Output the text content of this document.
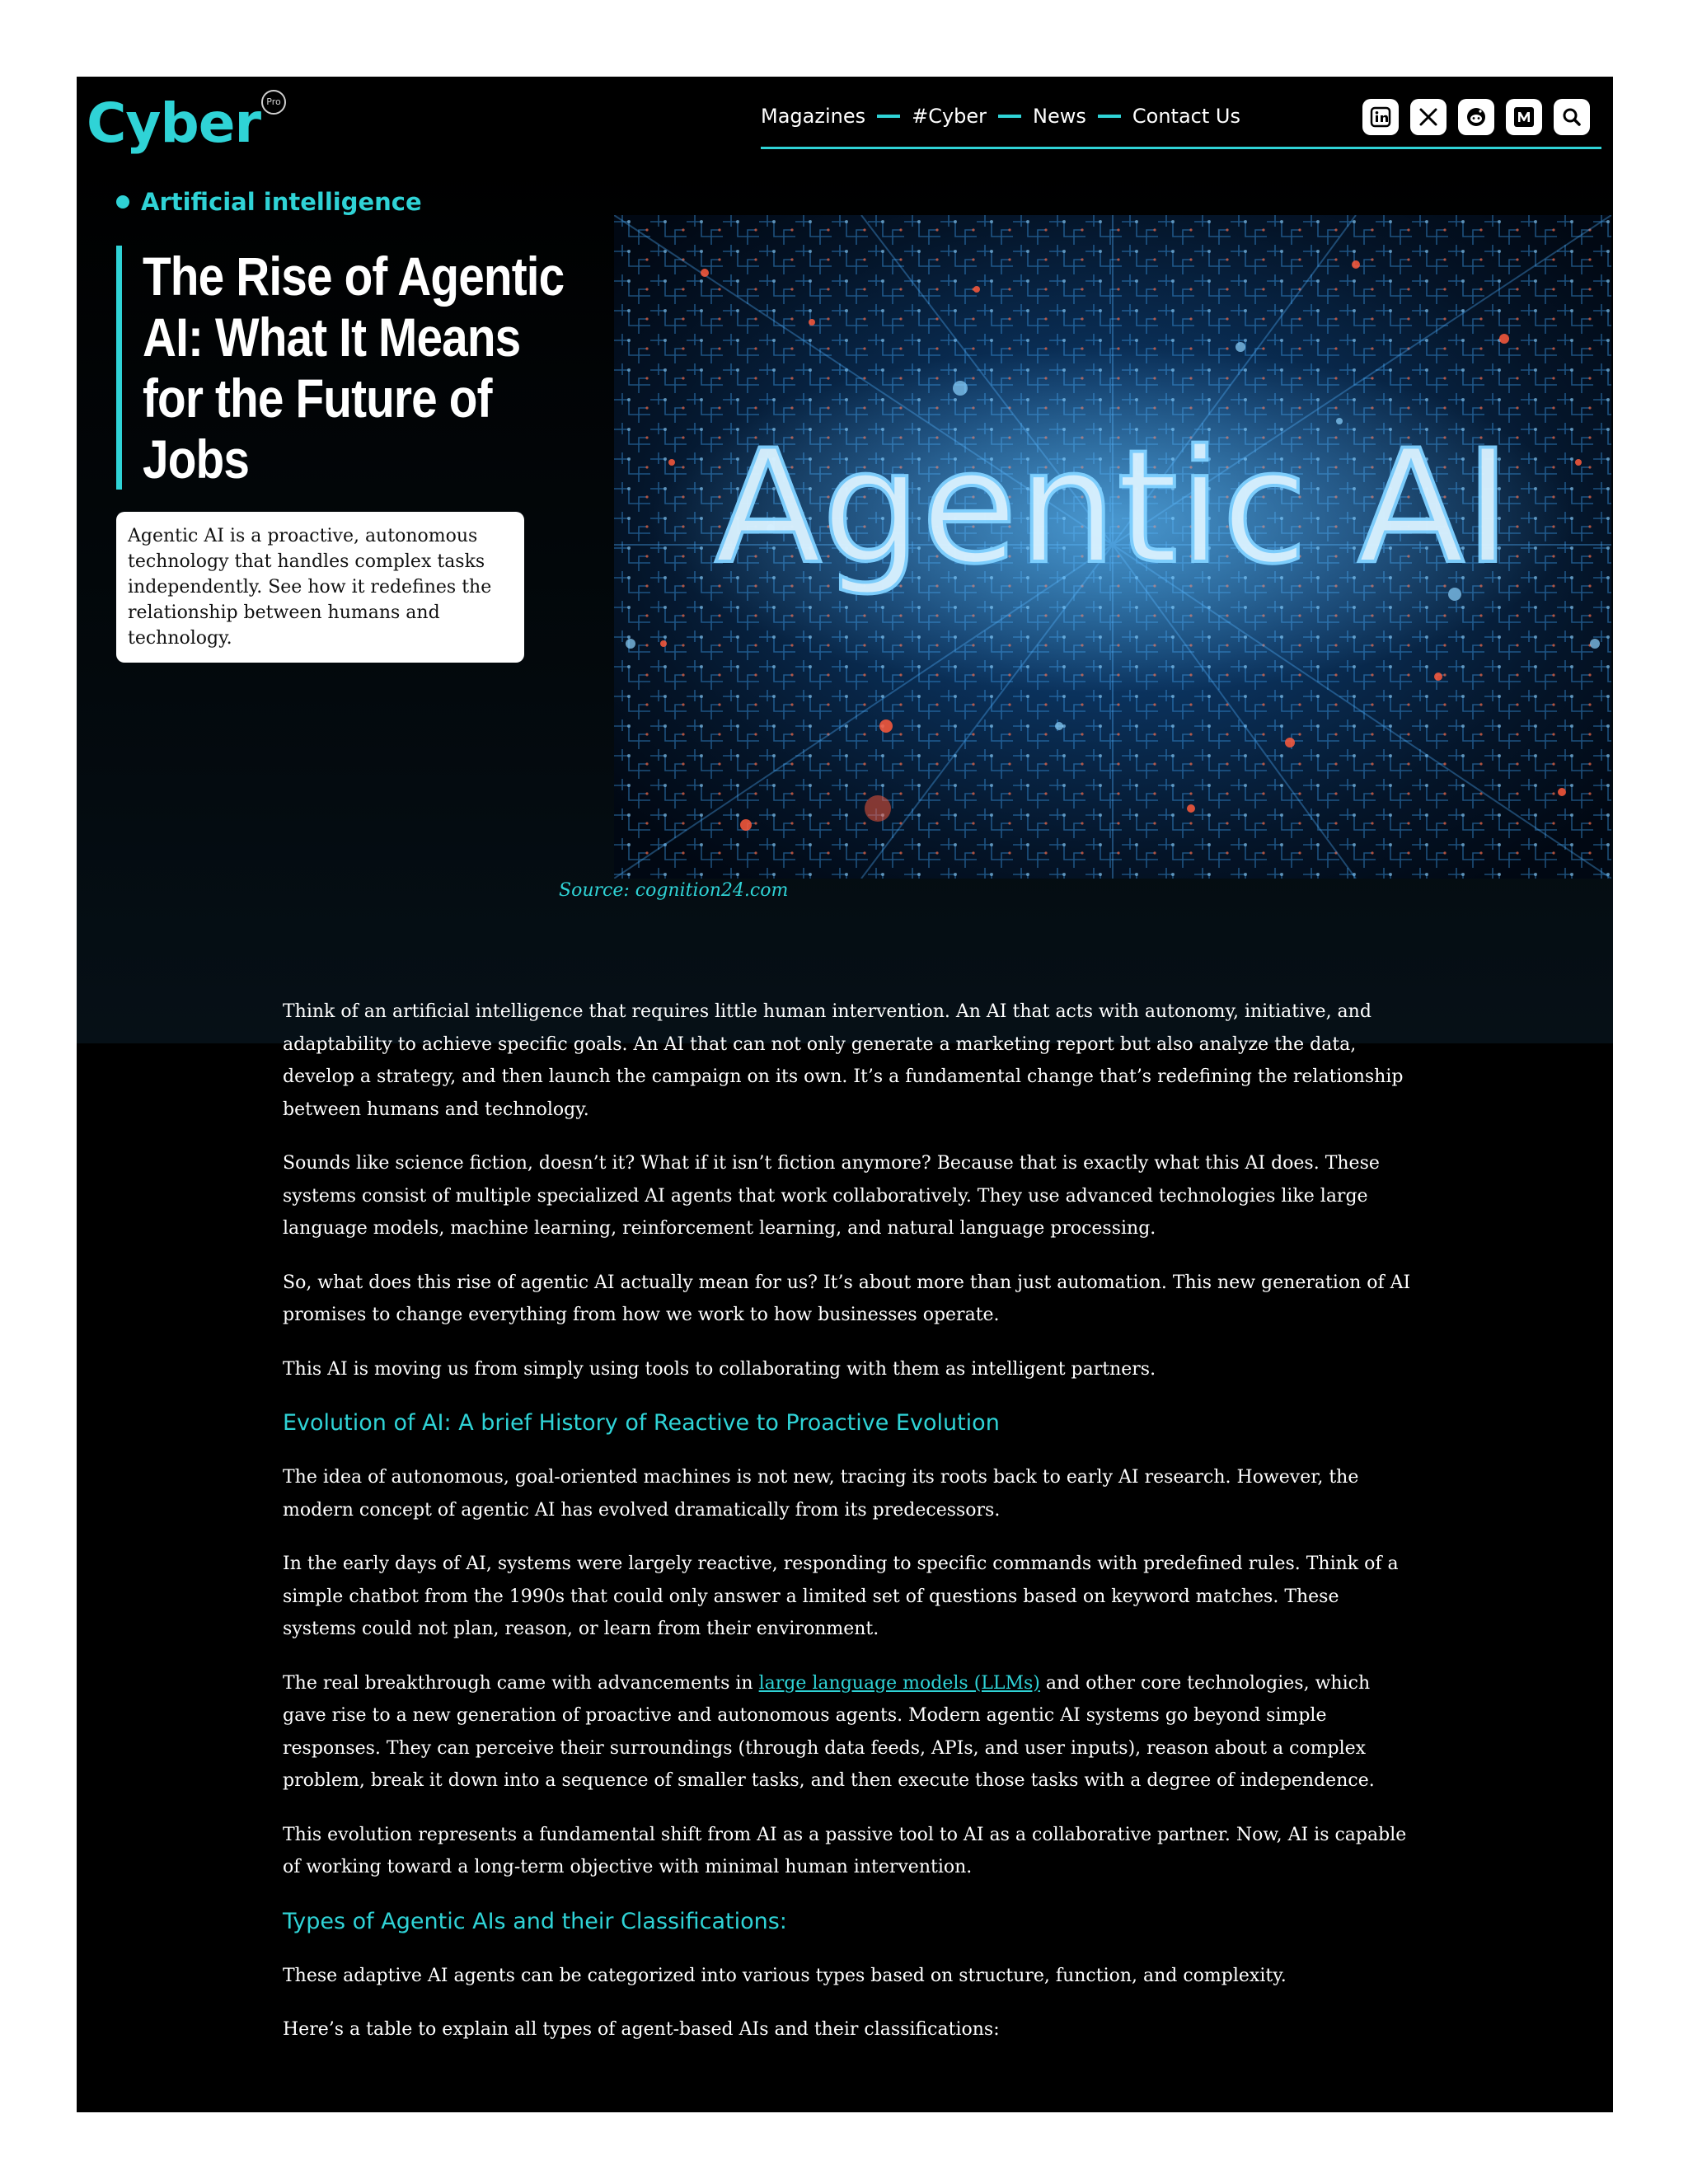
Cyber Pro
Magazines #Cyber News Contact Us
Artificial intelligence
The Rise of Agentic AI: What It Means for the Future of Jobs
Agentic AI is a proactive, autonomous technology that handles complex tasks independently. See how it redefines the relationship between humans and technology.
Agentic AI
Source: cognition24.com

Think of an artificial intelligence that requires little human intervention. An AI that acts with autonomy, initiative, and adaptability to achieve specific goals. An AI that can not only generate a marketing report but also analyze the data, develop a strategy, and then launch the campaign on its own. It’s a fundamental change that’s redefining the relationship between humans and technology.

Sounds like science fiction, doesn’t it? What if it isn’t fiction anymore? Because that is exactly what this AI does. These systems consist of multiple specialized AI agents that work collaboratively. They use advanced technologies like large language models, machine learning, reinforcement learning, and natural language processing.

So, what does this rise of agentic AI actually mean for us? It’s about more than just automation. This new generation of AI promises to change everything from how we work to how businesses operate.

This AI is moving us from simply using tools to collaborating with them as intelligent partners.

Evolution of AI: A brief History of Reactive to Proactive Evolution

The idea of autonomous, goal-oriented machines is not new, tracing its roots back to early AI research. However, the modern concept of agentic AI has evolved dramatically from its predecessors.

In the early days of AI, systems were largely reactive, responding to specific commands with predefined rules. Think of a simple chatbot from the 1990s that could only answer a limited set of questions based on keyword matches. These systems could not plan, reason, or learn from their environment.

The real breakthrough came with advancements in large language models (LLMs) and other core technologies, which gave rise to a new generation of proactive and autonomous agents. Modern agentic AI systems go beyond simple responses. They can perceive their surroundings (through data feeds, APIs, and user inputs), reason about a complex problem, break it down into a sequence of smaller tasks, and then execute those tasks with a degree of independence.

This evolution represents a fundamental shift from AI as a passive tool to AI as a collaborative partner. Now, AI is capable of working toward a long-term objective with minimal human intervention.

Types of Agentic AIs and their Classifications:

These adaptive AI agents can be categorized into various types based on structure, function, and complexity.

Here’s a table to explain all types of agent-based AIs and their classifications:
